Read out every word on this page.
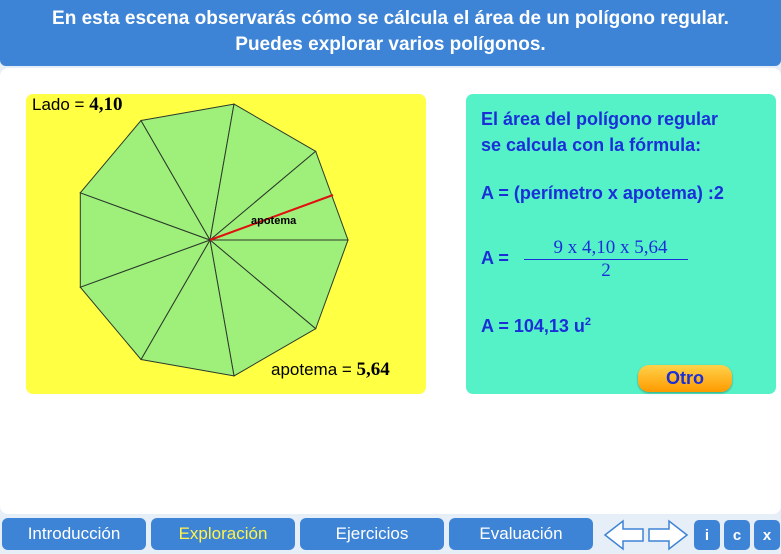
En esta escena observarás cómo se cálcula el área de un polígono regular.
Puedes explorar varios polígonos.
apotema
Lado = 4,10
apotema = 5,64
El área del polígono regular
se calcula con la fórmula:
A = (perímetro x apotema) :2
A =	9 x 4,10 x 5,64
2
A = 104,13 $u^2$
Otro
Introducción	Exploración	Ejercicios	Evaluación	i	c	x
